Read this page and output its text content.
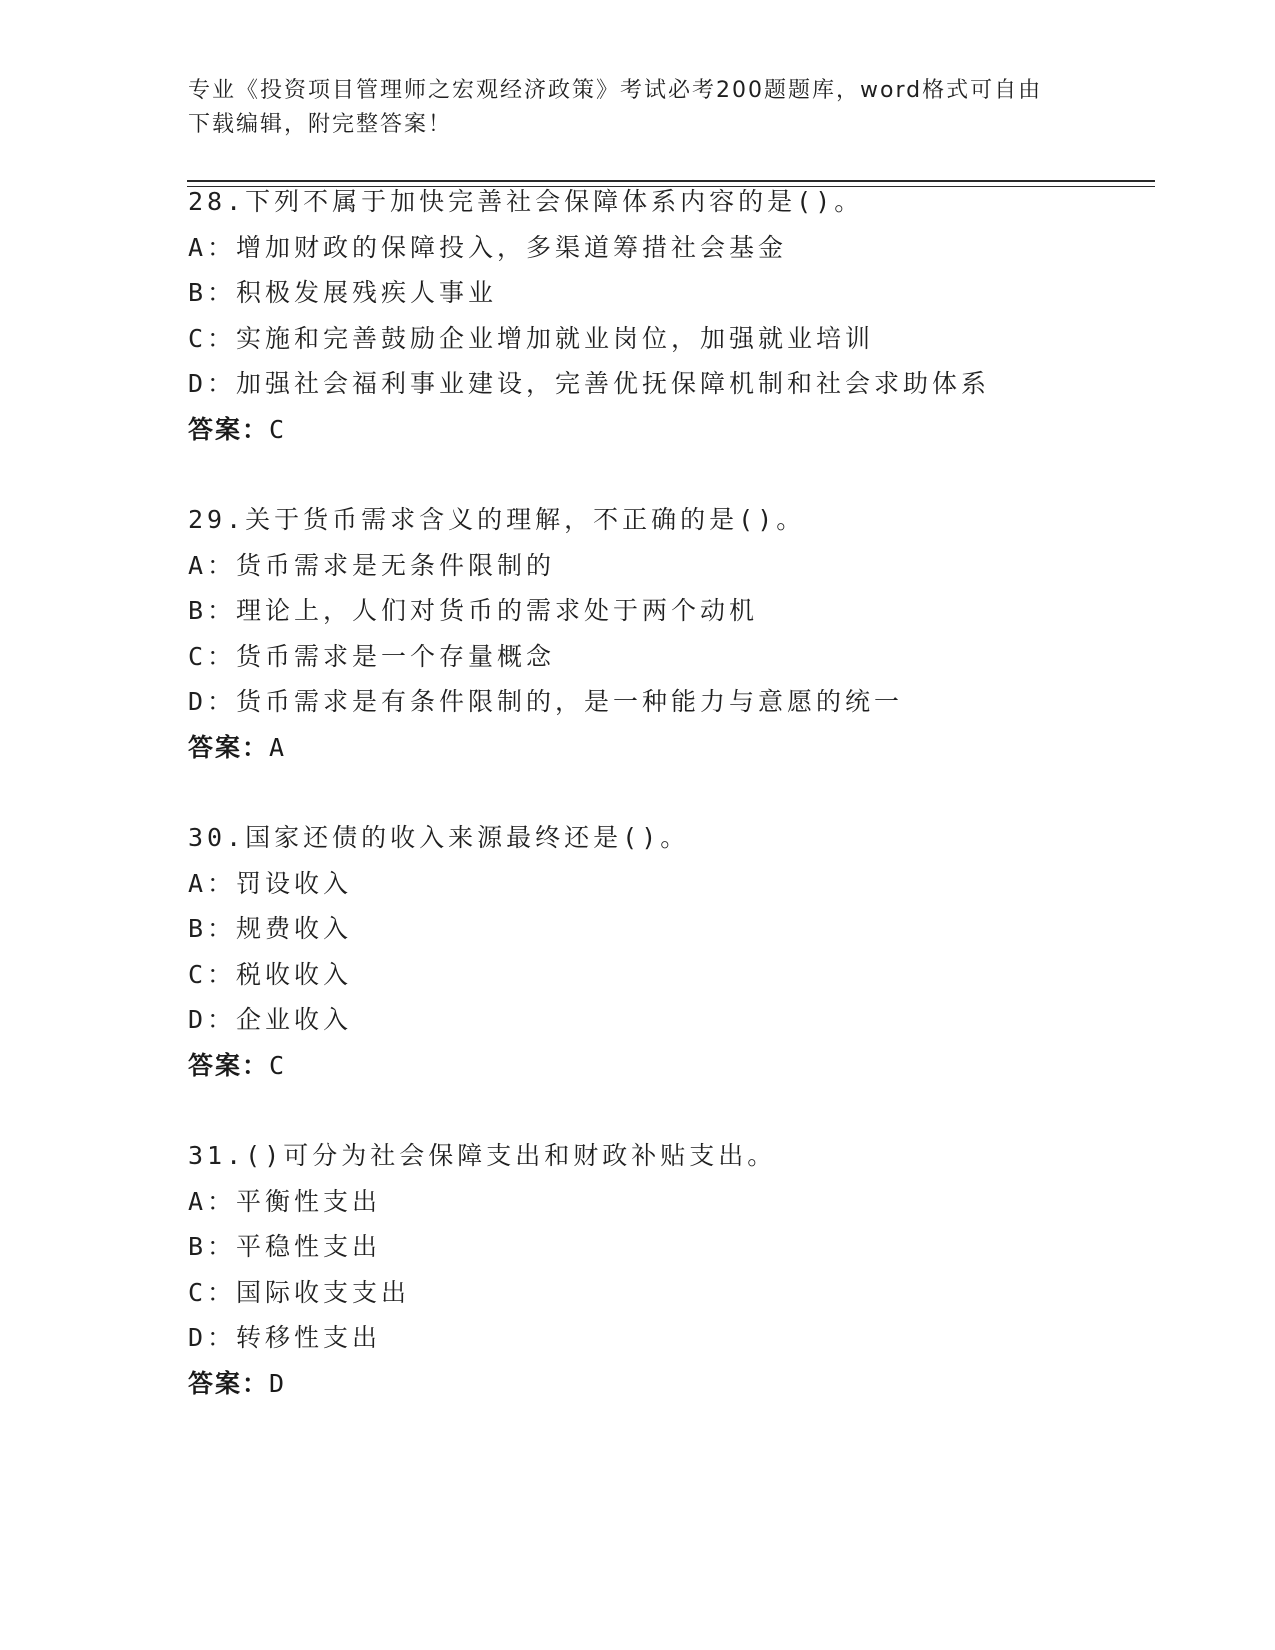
专业《投资项目管理师之宏观经济政策》考试必考200题题库，word格式可自由
下载编辑，附完整答案！
28.下列不属于加快完善社会保障体系内容的是()。
A：增加财政的保障投入，多渠道筹措社会基金
B：积极发展残疾人事业
C：实施和完善鼓励企业增加就业岗位，加强就业培训
D：加强社会福利事业建设，完善优抚保障机制和社会求助体系
答案：C
29.关于货币需求含义的理解，不正确的是()。
A：货币需求是无条件限制的
B：理论上，人们对货币的需求处于两个动机
C：货币需求是一个存量概念
D：货币需求是有条件限制的，是一种能力与意愿的统一
答案：A
30.国家还债的收入来源最终还是()。
A：罚设收入
B：规费收入
C：税收收入
D：企业收入
答案：C
31.()可分为社会保障支出和财政补贴支出。
A：平衡性支出
B：平稳性支出
C：国际收支支出
D：转移性支出
答案：D
